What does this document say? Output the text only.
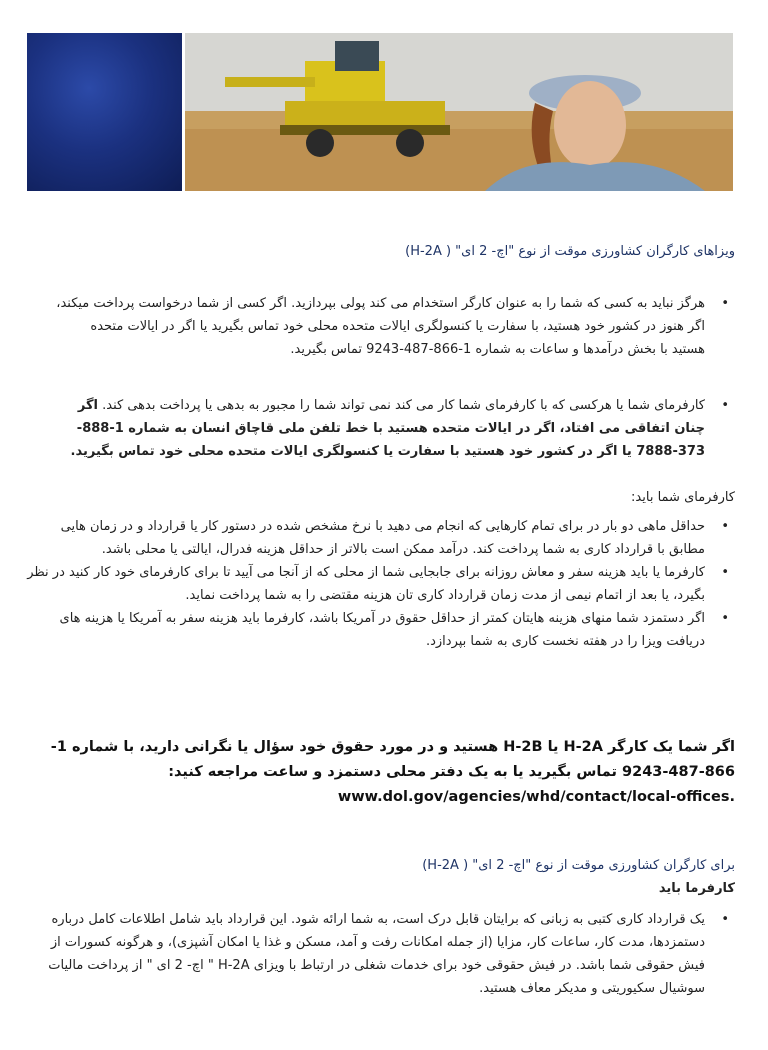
ویزاهای کارگران کشاورزی موقت از نوع "اچ- 2 ای" ( H-2A)
• هرگز نباید به کسی که شما را به عنوان کارگر استخدام می کند پولی بپردازید. اگر کسی از شما درخواست پرداخت میکند، اگر هنوز در کشور خود هستید، با سفارت یا کنسولگری ایالات متحده محلی خود تماس بگیرید یا اگر در ایالات متحده هستید با بخش درآمدها و ساعات به شماره 1-866-487-9243 تماس بگیرید.
• کارفرمای شما یا هرکسی که با کارفرمای شما کار می کند نمی تواند شما را مجبور به بدهی یا پرداخت بدهی کند. اگر چنان اتفاقی می افتاد، اگر در ایالات متحده هستید با خط تلفن ملی قاچاق انسان به شماره 1-888-373-7888 یا اگر در کشور خود هستید با سفارت یا کنسولگری ایالات متحده محلی خود تماس بگیرید.
کارفرمای شما باید:
• حداقل ماهی دو بار در برای تمام کارهایی که انجام می دهید با نرخ مشخص شده در دستور کار یا قرارداد و در زمان هایی مطابق با قرارداد کاری به شما پرداخت کند. درآمد ممکن است بالاتر از حداقل هزینه فدرال، ایالتی یا محلی باشد.
• کارفرما یا باید هزینه سفر و معاش روزانه برای جابجایی شما از محلی که از آنجا می آیید تا برای کارفرمای خود کار کنید در نظر بگیرد، یا بعد از اتمام نیمی از مدت زمان قرارداد کاری تان هزینه مقتضی را به شما پرداخت نماید.
• اگر دستمزد شما منهای هزینه هایتان کمتر از حداقل حقوق در آمریکا باشد، کارفرما باید هزینه سفر به آمریکا یا هزینه های دریافت ویزا را در هفته نخست کاری به شما بپردازد.
اگر شما یک کارگر H-2A یا H-2B هستید و در مورد حقوق خود سؤال یا نگرانی دارید، با شماره 1-866-487-9243 تماس بگیرید یا به یک دفتر محلی دستمزد و ساعت مراجعه کنید: www.dol.gov/agencies/whd/contact/local-offices.
برای کارگران کشاورزی موقت از نوع "اچ- 2 ای" ( H-2A)
کارفرما باید
• یک قرارداد کاری کتبی به زبانی که برایتان قابل درک است، به شما ارائه شود. این قرارداد باید شامل اطلاعات کامل درباره دستمزدها، مدت کار، ساعات کار، مزایا (از جمله امکانات رفت و آمد، مسکن و غذا یا امکان آشپزی)، و هرگونه کسورات از فیش حقوقی شما باشد. در فیش حقوقی خود برای خدمات شغلی در ارتباط با ویزای H-2A " اچ- 2 ای " از پرداخت مالیات سوشیال سکیوریتی و مدیکر معاف هستید.
